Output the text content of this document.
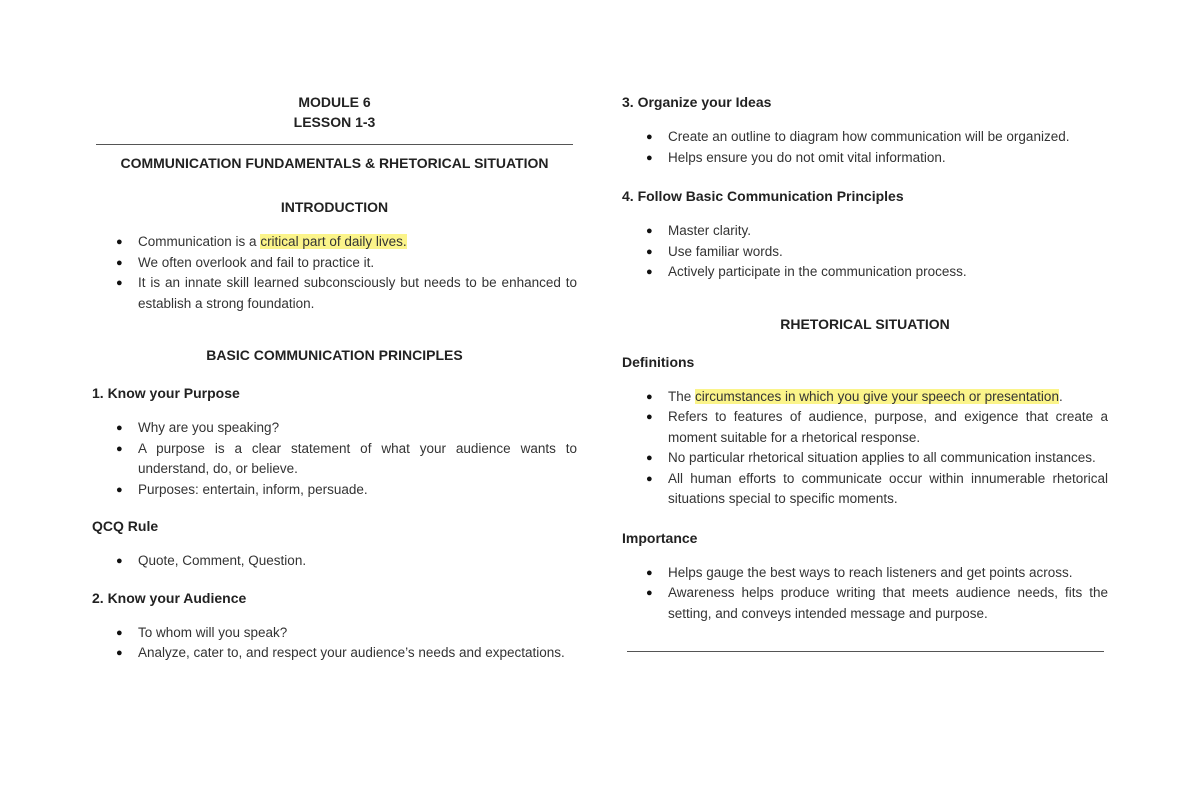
MODULE 6
LESSON 1-3
COMMUNICATION FUNDAMENTALS & RHETORICAL SITUATION
INTRODUCTION
● Communication is a critical part of daily lives.
● We often overlook and fail to practice it.
● It is an innate skill learned subconsciously but needs to be enhanced to establish a strong foundation.
BASIC COMMUNICATION PRINCIPLES
1. Know your Purpose
● Why are you speaking?
● A purpose is a clear statement of what your audience wants to understand, do, or believe.
● Purposes: entertain, inform, persuade.
QCQ Rule
● Quote, Comment, Question.
2. Know your Audience
● To whom will you speak?
● Analyze, cater to, and respect your audience’s needs and expectations.
3. Organize your Ideas
● Create an outline to diagram how communication will be organized.
● Helps ensure you do not omit vital information.
4. Follow Basic Communication Principles
● Master clarity.
● Use familiar words.
● Actively participate in the communication process.
RHETORICAL SITUATION
Definitions
● The circumstances in which you give your speech or presentation.
● Refers to features of audience, purpose, and exigence that create a moment suitable for a rhetorical response.
● No particular rhetorical situation applies to all communication instances.
● All human efforts to communicate occur within innumerable rhetorical situations special to specific moments.
Importance
● Helps gauge the best ways to reach listeners and get points across.
● Awareness helps produce writing that meets audience needs, fits the setting, and conveys intended message and purpose.
